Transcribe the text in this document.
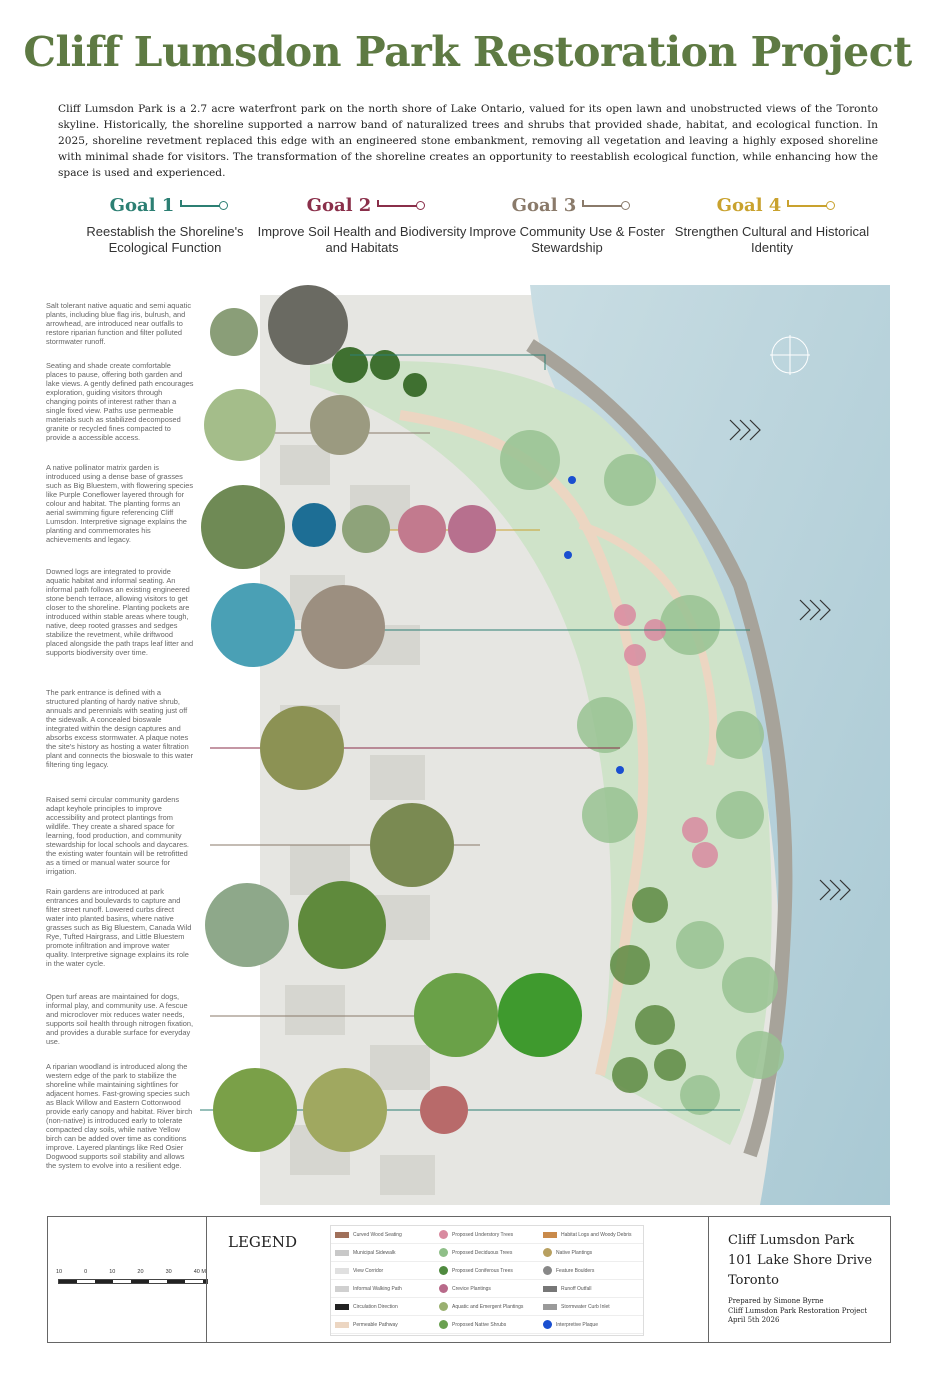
Cliff Lumsdon Park Restoration Project
Cliff Lumsdon Park is a 2.7 acre waterfront park on the north shore of Lake Ontario, valued for its open lawn and unobstructed views of the Toronto skyline. Historically, the shoreline supported a narrow band of naturalized trees and shrubs that provided shade, habitat, and ecological function. In 2025, shoreline revetment replaced this edge with an engineered stone embankment, removing all vegetation and leaving a highly exposed shoreline with minimal shade for visitors. The transformation of the shoreline creates an opportunity to reestablish ecological function, while enhancing how the space is used and experienced.
Goal 1
Reestablish the Shoreline's Ecological Function
Goal 2
Improve Soil Health and Biodiversity and Habitats
Goal 3
Improve Community Use & Foster Stewardship
Goal 4
Strengthen Cultural and Historical Identity
Salt tolerant native aquatic and semi aquatic plants, including blue flag iris, bulrush, and arrowhead, are introduced near outfalls to restore riparian function and filter polluted stormwater runoff.
Seating and shade create comfortable places to pause, offering both garden and lake views. A gently defined path encourages exploration, guiding visitors through changing points of interest rather than a single fixed view. Paths use permeable materials such as stabilized decomposed granite or recycled fines compacted to provide a accessible access.
A native pollinator matrix garden is introduced using a dense base of grasses such as Big Bluestem, with flowering species like Purple Coneflower layered through for colour and habitat. The planting forms an aerial swimming figure referencing Cliff Lumsdon. Interpretive signage explains the planting and commemorates his achievements and legacy.
Downed logs are integrated to provide aquatic habitat and informal seating. An informal path follows an existing engineered stone bench terrace, allowing visitors to get closer to the shoreline. Planting pockets are introduced within stable areas where tough, native, deep rooted grasses and sedges stabilize the revetment, while driftwood placed alongside the path traps leaf litter and supports biodiversity over time.
The park entrance is defined with a structured planting of hardy native shrub, annuals and perennials with seating just off the sidewalk. A concealed bioswale integrated within the design captures and absorbs excess stormwater. A plaque notes the site's history as hosting a water filtration plant and connects the bioswale to this water filtering ting legacy.
Raised semi circular community gardens adapt keyhole principles to improve accessibility and protect plantings from wildlife. They create a shared space for learning, food production, and community stewardship for local schools and daycares. the existing water fountain will be retrofitted as a timed or manual water source for irrigation.
Rain gardens are introduced at park entrances and boulevards to capture and filter street runoff. Lowered curbs direct water into planted basins, where native grasses such as Big Bluestem, Canada Wild Rye, Tufted Hairgrass, and Little Bluestem promote infiltration and improve water quality. Interpretive signage explains its role in the water cycle.
Open turf areas are maintained for dogs, informal play, and community use. A fescue and microclover mix reduces water needs, supports soil health through nitrogen fixation, and provides a durable surface for everyday use.
A riparian woodland is introduced along the western edge of the park to stabilize the shoreline while maintaining sightlines for adjacent homes. Fast-growing species such as Black Willow and Eastern Cottonwood provide early canopy and habitat. River birch (non-native) is introduced early to tolerate compacted clay soils, while native Yellow birch can be added over time as conditions improve. Layered plantings like Red Osier Dogwood supports soil stability and allows the system to evolve into a resilient edge.
10	0	10	20	30	40 M
LEGEND	Curved Wood Seating	Proposed Understory Trees	Habitat Logs and Woody Debris
Municipal Sidewalk	Proposed Deciduous Trees	Native Plantings
View Corridor	Proposed Coniferous Trees	Feature Boulders
Informal Walking Path	Crevice Plantings	Runoff Outfall
Circulation Direction	Aquatic and Emergent Plantings	Stormwater Curb Inlet
Permeable Pathway	Proposed Native Shrubs	Interpretive Plaque
Cliff Lumsdon Park
101 Lake Shore Drive
Toronto
Prepared by Simone Byrne
Cliff Lumsdon Park Restoration Project
April 5th 2026
